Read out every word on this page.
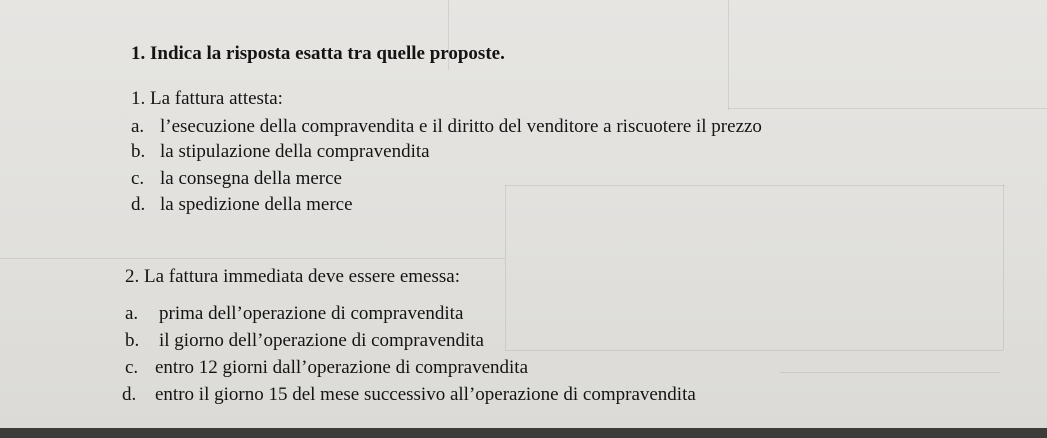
1. Indica la risposta esatta tra quelle proposte.
1. La fattura attesta:
a. l’esecuzione della compravendita e il diritto del venditore a riscuotere il prezzo
b. la stipulazione della compravendita
c. la consegna della merce
d. la spedizione della merce
2. La fattura immediata deve essere emessa:
a. prima dell’operazione di compravendita
b. il giorno dell’operazione di compravendita
c. entro 12 giorni dall’operazione di compravendita
d. entro il giorno 15 del mese successivo all’operazione di compravendita
